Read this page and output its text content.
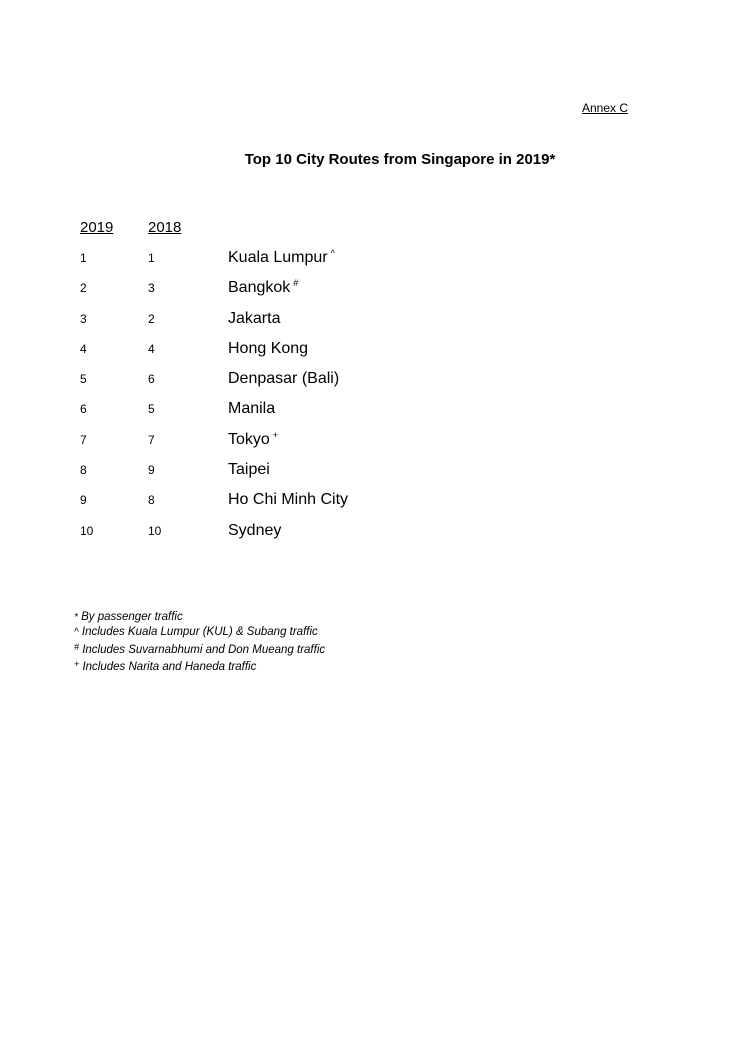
Annex C
Top 10 City Routes from Singapore in 2019*
2019 2018
1	1	Kuala Lumpur ^
2	3	Bangkok #
3	2	Jakarta
4	4	Hong Kong
5	6	Denpasar (Bali)
6	5	Manila
7	7	Tokyo +
8	9	Taipei
9	8	Ho Chi Minh City
10	10	Sydney
* By passenger traffic
^ Includes Kuala Lumpur (KUL) & Subang traffic
# Includes Suvarnabhumi and Don Mueang traffic
+ Includes Narita and Haneda traffic
